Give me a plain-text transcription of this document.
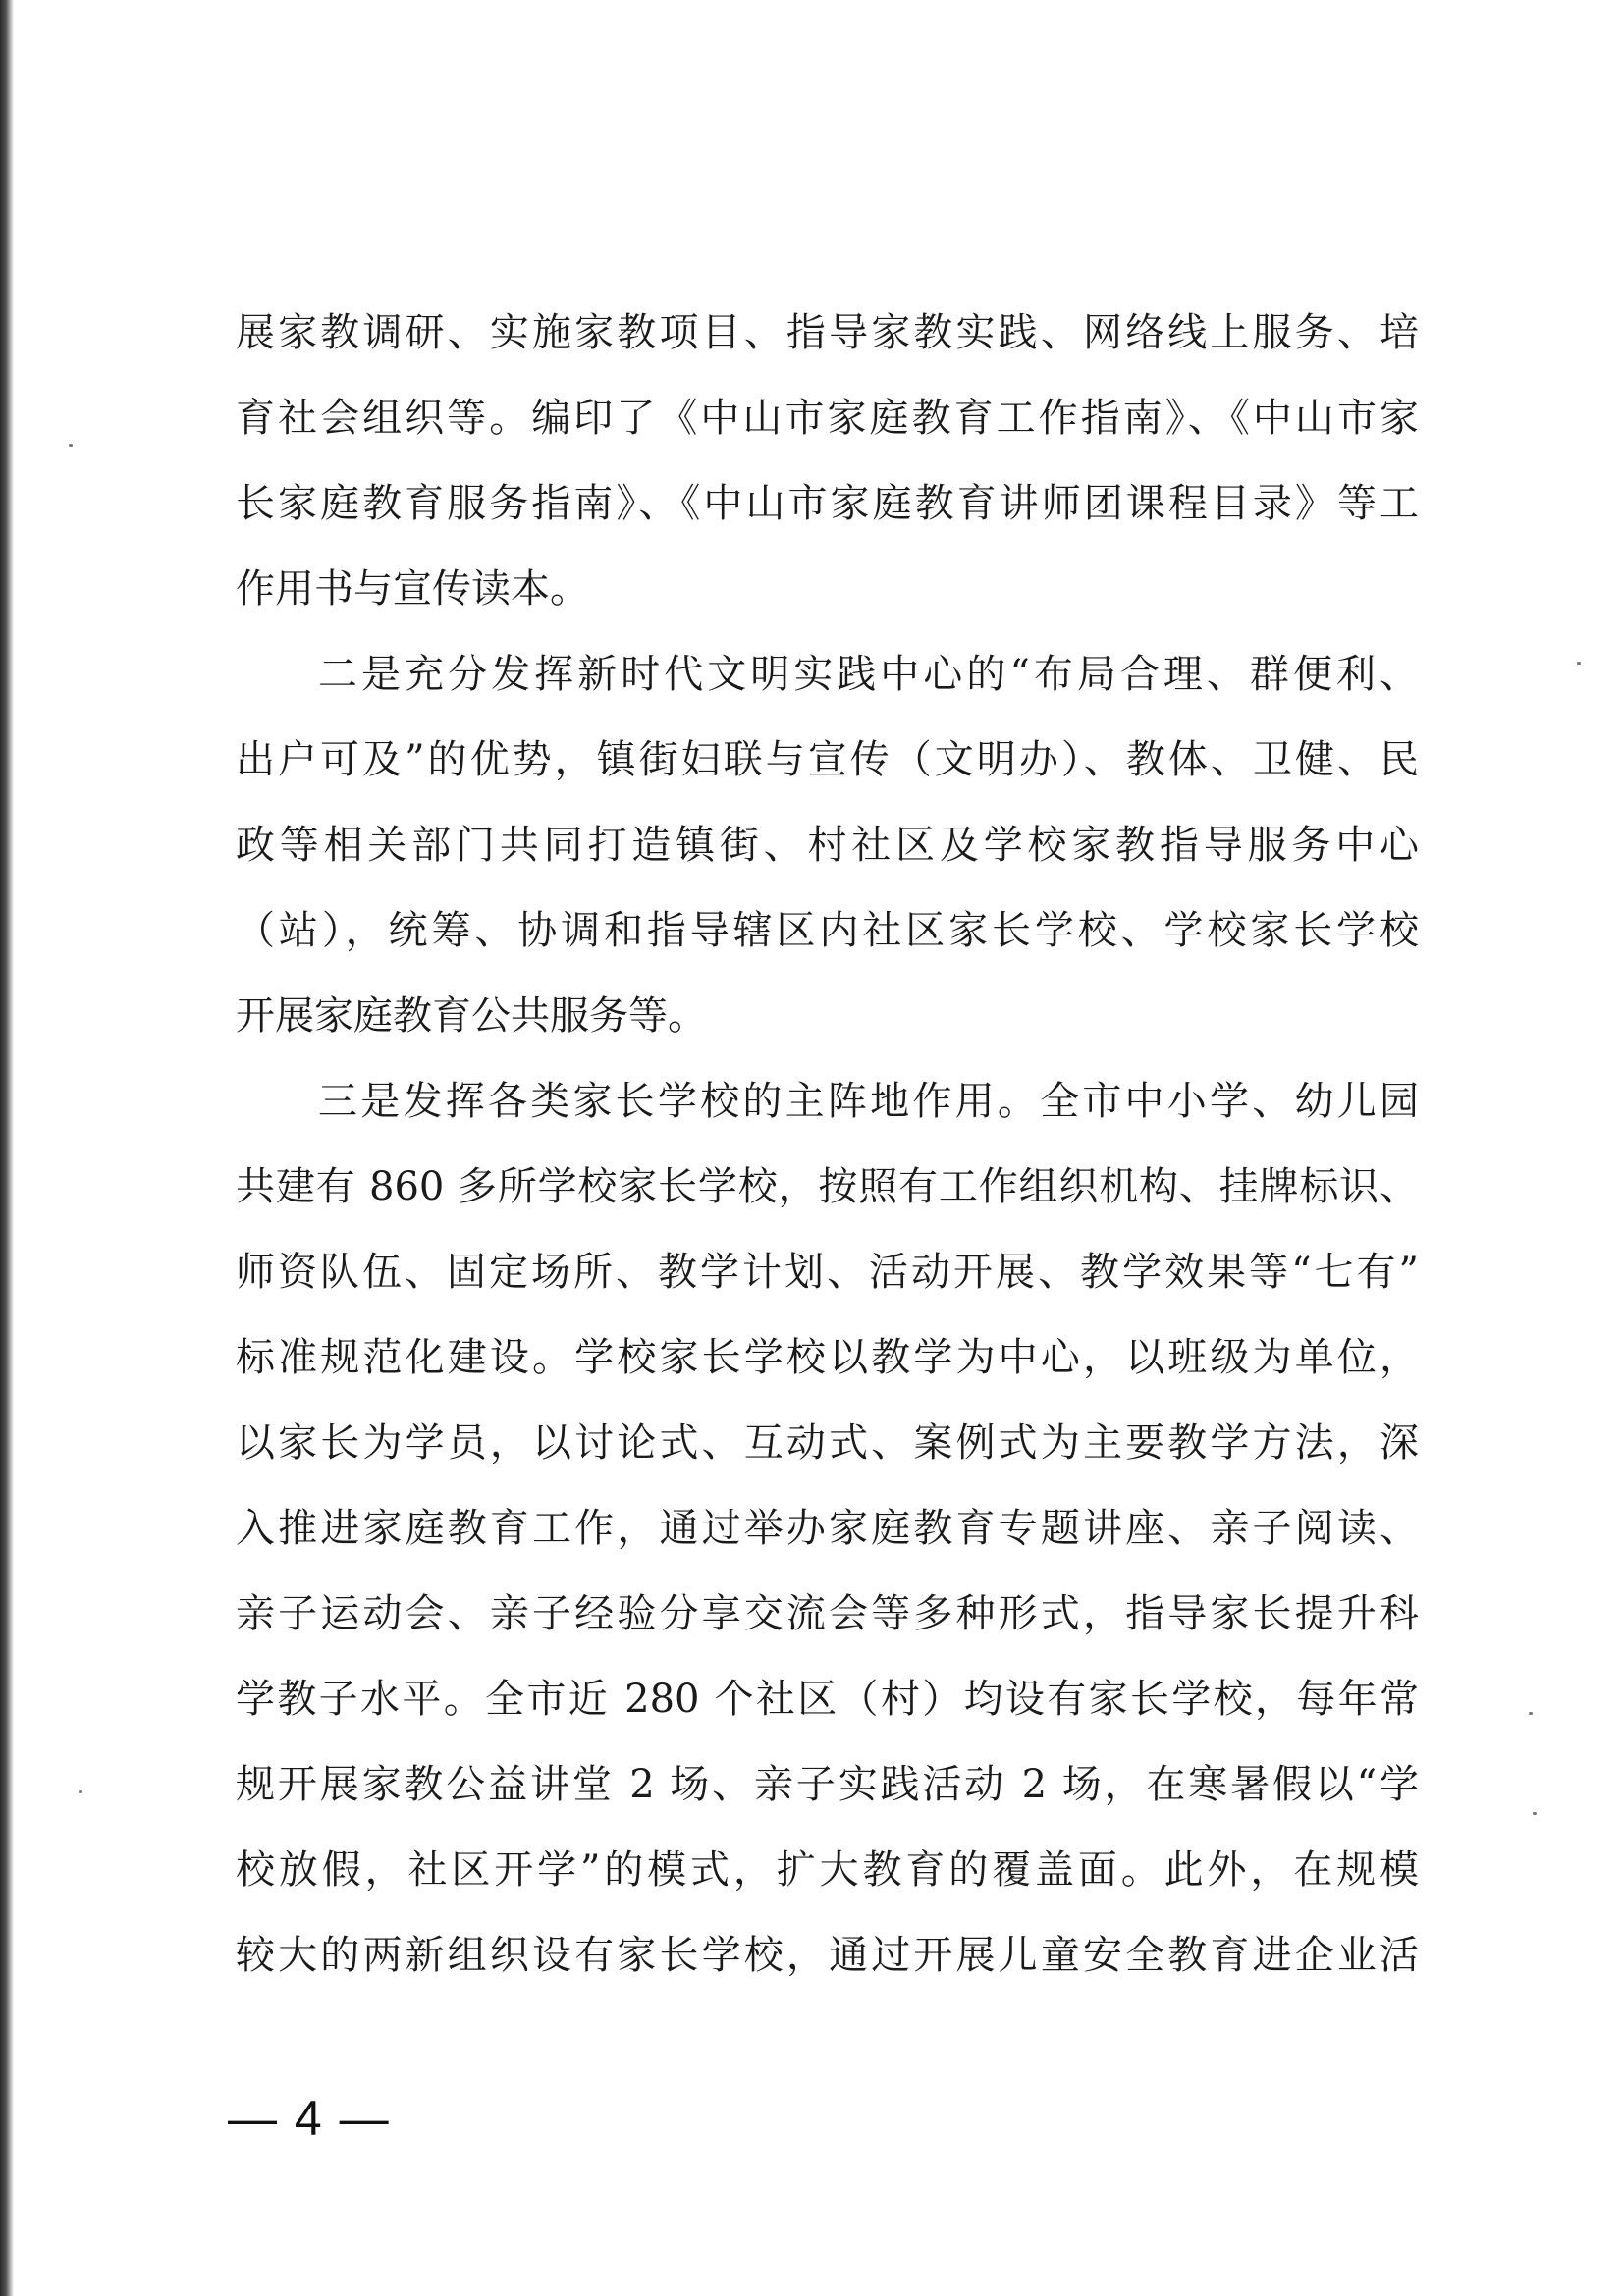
展家教调研、实施家教项目、指导家教实践、网络线上服务、培
育社会组织等。编印了《中山市家庭教育工作指南》、《中山市家
长家庭教育服务指南》、《中山市家庭教育讲师团课程目录》等工
作用书与宣传读本。
二是充分发挥新时代文明实践中心的“布局合理、群便利、
出户可及”的优势，镇街妇联与宣传（文明办）、教体、卫健、民
政等相关部门共同打造镇街、村社区及学校家教指导服务中心
（站），统筹、协调和指导辖区内社区家长学校、学校家长学校
开展家庭教育公共服务等。
三是发挥各类家长学校的主阵地作用。全市中小学、幼儿园
共建有 860 多所学校家长学校，按照有工作组织机构、挂牌标识、
师资队伍、固定场所、教学计划、活动开展、教学效果等“七有”
标准规范化建设。学校家长学校以教学为中心，以班级为单位，
以家长为学员，以讨论式、互动式、案例式为主要教学方法，深
入推进家庭教育工作，通过举办家庭教育专题讲座、亲子阅读、
亲子运动会、亲子经验分享交流会等多种形式，指导家长提升科
学教子水平。全市近 280 个社区（村）均设有家长学校，每年常
规开展家教公益讲堂 2 场、亲子实践活动 2 场，在寒暑假以“学
校放假，社区开学”的模式，扩大教育的覆盖面。此外，在规模
较大的两新组织设有家长学校，通过开展儿童安全教育进企业活
— 4 —
